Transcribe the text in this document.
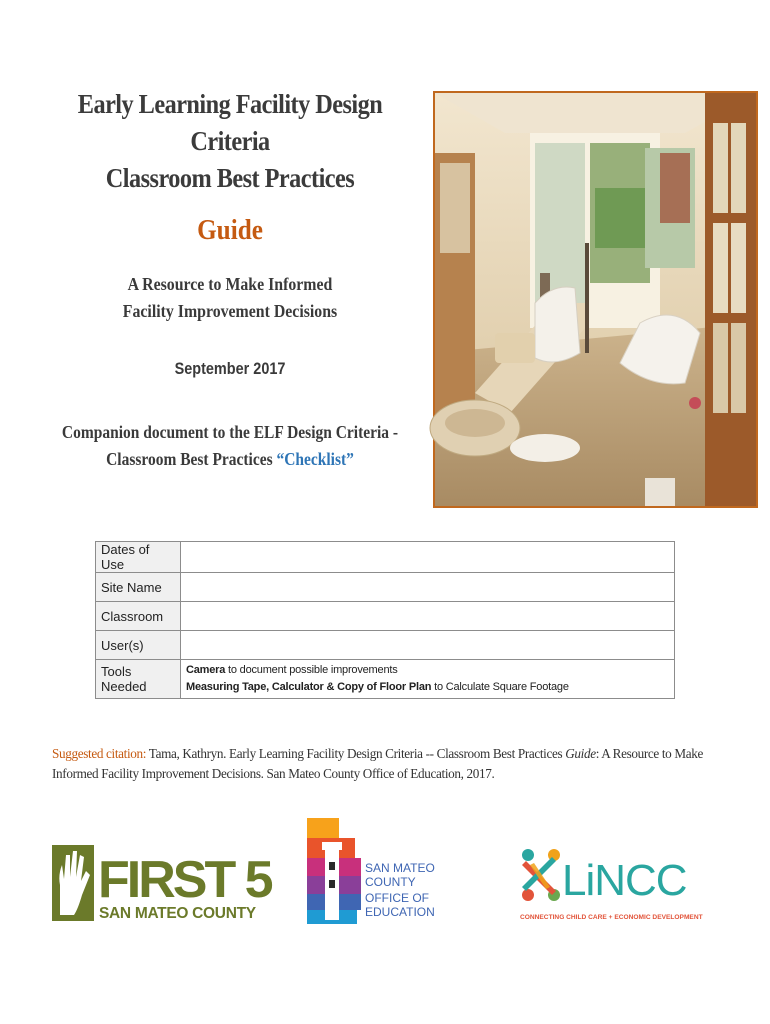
Early Learning Facility Design Criteria
Classroom Best Practices
Guide
A Resource to Make Informed
Facility Improvement Decisions
September 2017
Companion document to the ELF Design Criteria -
Classroom Best Practices “Checklist”
Dates of Use	
Site Name	
Classroom	
User(s)	
Tools Needed	Camera to document possible improvements
Measuring Tape, Calculator & Copy of Floor Plan to Calculate Square Footage
Suggested citation: Tama, Kathryn. Early Learning Facility Design Criteria -- Classroom Best Practices Guide: A Resource to Make Informed Facility Improvement Decisions. San Mateo County Office of Education, 2017.
FIRST 5
SAN MATEO COUNTY
SAN MATEO
COUNTY
OFFICE OF
EDUCATION
LiNCC
CONNECTING CHILD CARE + ECONOMIC DEVELOPMENT
